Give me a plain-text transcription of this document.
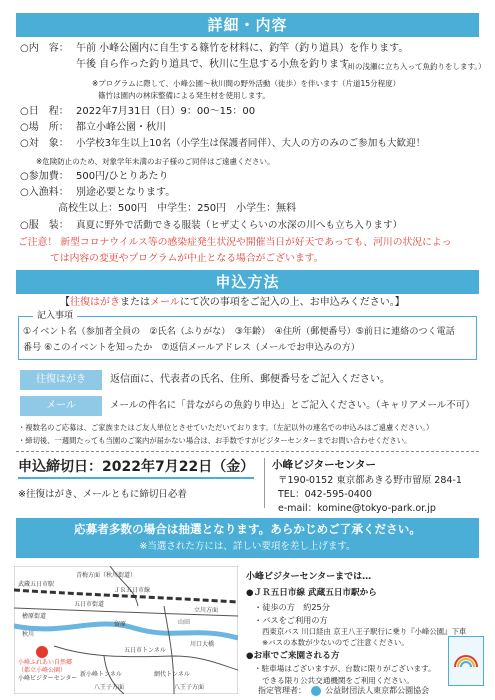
詳細・内容
○内　容： 午前 小峰公園内に自生する篠竹を材料に、釣竿（釣り道具）を作ります。
午後 自ら作った釣り道具で、秋川に生息する小魚を釣ります。
（川の浅瀬に立ち入って魚釣りをします。）
※プログラムに際して、小峰公園～秋川間の野外活動（徒歩）を伴います（片道15分程度）
篠竹は園内の林床整備による発生材を使用します。
○日　程： 2022年7月31日（日）9：00～15：00
○場　所： 都立小峰公園・秋川
○対　象： 小学校3年生以上10名（小学生は保護者同伴）、大人の方のみのご参加も大歓迎！
※危険防止のため、対象学年未満のお子様のご同伴はご遠慮ください。
○参加費： 500円/ひとりあたり
○入漁料： 別途必要となります。
高校生以上：500円　中学生：250円　小学生：無料
○服　装： 真夏に野外で活動できる服装（ヒザ丈くらいの水深の川へも立ち入ります）
ご注意！ 新型コロナウイルス等の感染症発生状況や開催当日が好天であっても、河川の状況によっ
ては内容の変更やプログラムが中止となる場合がございます。
申込方法
【往復はがきまたはメールにて次の事項をご記入の上、お申込みください。】
記入事項
①イベント名（参加者全員の　②氏名（ふりがな）　③年齢）　④住所（郵便番号）⑤前日に連絡のつく電話
番号 ⑥このイベントを知ったか　⑦返信メールアドレス（メールでお申込みの方）
往復はがき	返信面に、代表者の氏名、住所、郵便番号をご記入ください。
メール	メールの件名に「昔ながらの魚釣り申込」とご記入ください。（キャリアメール不可）
・複数名のご応募は、ご家族またはご友人単位とさせていただいております。（左記以外の連名での申込みはご遠慮ください。）
・締切後、一週間たっても当園のご案内が届かない場合は、お手数ですがビジターセンターまでお問い合わせください。
申込締切日：2022年7月22日（金）
※往復はがき、メールともに締切日必着
小峰ビジターセンター
〒190-0152 東京都あきる野市留原 284-1
TEL：042-595-0400
e-mail：komine@tokyo-park.or.jp
応募者多数の場合は抽選となります。あらかじめご了承ください。
※当選された方には、詳しい要項を差し上げます。
青梅方面（秋川街道）
武蔵五日市駅
ＪＲ五日市線
五日市街道
檜原街道
秋川
山田
留原
立川方面
川口大橋
五日市トンネル
小峰ふれあい自然郷
（都立小峰公園）
小峰ビジターセンター
新小峰トンネル
八王子方面
網代トンネル
八王子方面
小峰ビジターセンターまでは…
●ＪＲ五日市線 武蔵五日市駅から
・徒歩の方　約25分
・バスをご利用の方
西東京バス 川口経由 京王八王子駅行に乗り『小峰公園』下車
※バスの本数が少ないのでご注意ください。
●お車でご来園される方
・駐車場はございますが、台数に限りがございます。
できる限り公共交通機関をご利用ください。
指定管理者： 公益財団法人東京都公園協会
